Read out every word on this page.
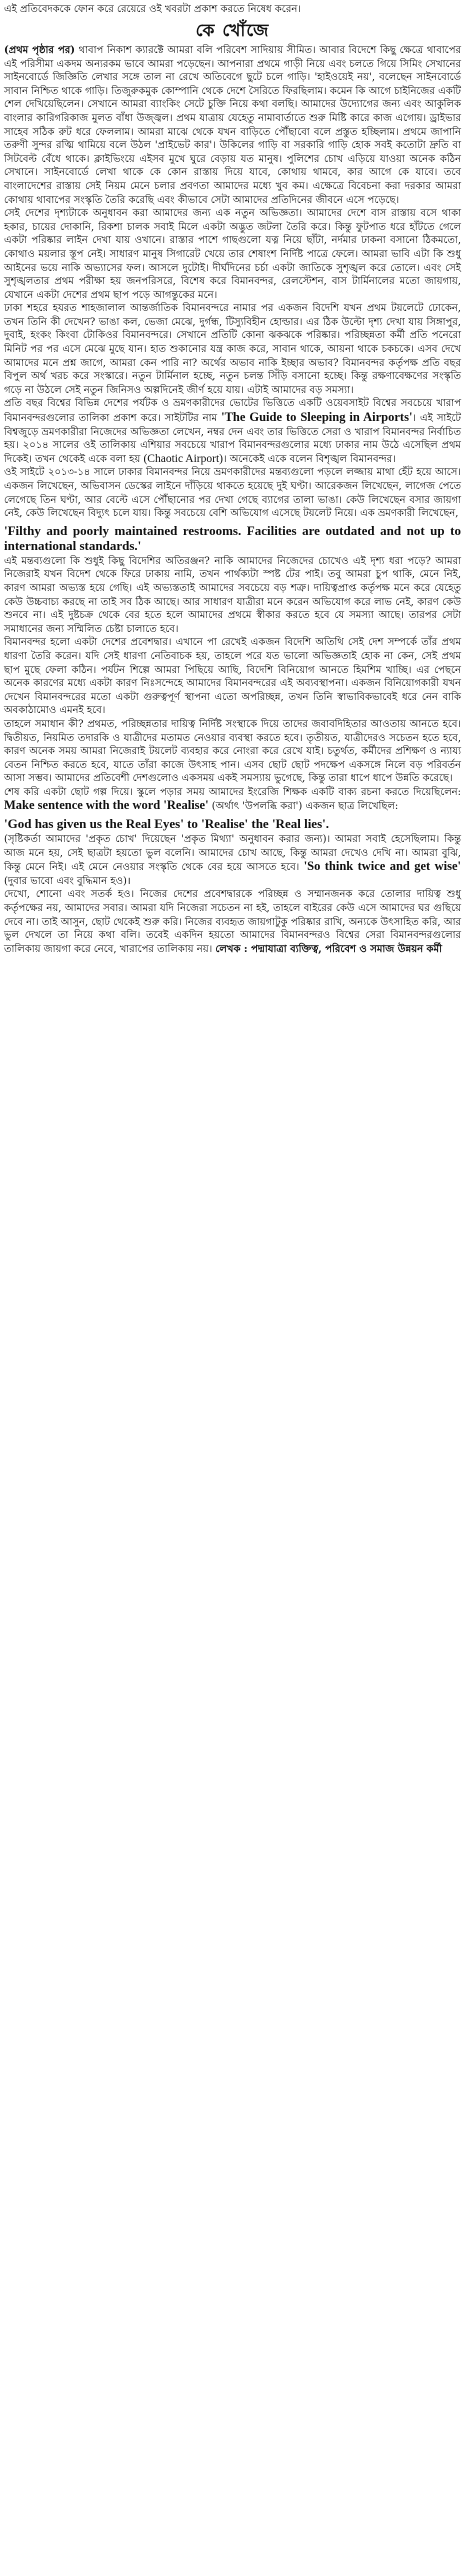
এই প্রতিবেদককে ফোন করে রেয়েরে ওই খবরটা প্রকাশ করতে নিষেধ করেন।

কে খোঁজে

(প্রথম পৃষ্ঠার পর) থাবাপ নিকাশ ক্যারক্টে আমরা বলি পরিবেশ সাদিয়ায় সীমিত। আবার বিদেশে কিছু ক্ষেত্রে থাবাপের এই পরিসীমা একদম অন্যরকম ভাবে আমরা পড়েছেন। আপনারা প্রথমে গাড়ী নিয়ে এবং চলতে গিয়ে সিমিং সেখানের সাইনবোর্ডে জিজ্ঞিতি লেখার সঙ্গে তাল না রেখে অতিবেগে ছুটে চলে গাড়ি। 'হাইওয়েই নয়', বলেছেন সাইনবোর্ডে সাবান নিশ্চিত থাকে গাড়ি। তিজুরুকমুক কোম্পানি থেকে দেশে সৈরিতে ফিরছিলাম। কমেন কি আগে চাইনিজের একটি শেল দেখিয়েছিলেন। সেখানে আমরা ব্যাংকিং সেটে চুক্তি নিয়ে কথা বলছি। আমাদের উদ্যোগের জন্য এবং আকুলিক বাংলার কারিগরিকাজ মুলত বাঁধা উজ্জ্বল। প্রথম যাত্রায় যেহেতু নামাবার্তাতে শুরু মিষ্টি কারে কাজ এগোয়। ড্রাইভার সাহেব সঠিক রুট ধরে ফেললাম। আমরা মাঝে থেকে যখন বাড়িতে পৌঁছাবো বলে প্রস্তুত হচ্ছিলাম। প্রথমে জাপানি তরুণী সুন্দর রত্মি থামিয়ে বলে উঠল 'প্রাইভেট কার'। উকিলের গাড়ি বা সরকারি গাড়ি হোক সবই কতোটা দ্রুতি বা সিটবেল্ট বেঁধে থাকে। ক্লাইভিংয়ে এইসব মুখে ঘুরে বেড়ায় যত মানুষ। পুলিশের চোখ এড়িয়ে যাওয়া অনেক কঠিন সেখানে। সাইনবোর্ডে লেখা থাকে কে কোন রাস্তায় দিয়ে যাবে, কোথায় থামবে, কার আগে কে যাবে। তবে বাংলাদেশের রাস্তায় সেই নিয়ম মেনে চলার প্রবণতা আমাদের মধ্যে খুব কম। এক্ষেত্রে বিবেচনা করা দরকার আমরা কোথায় থাবাপের সংস্কৃতি তৈরি করেছি এবং কীভাবে সেটা আমাদের প্রতিদিনের জীবনে এসে পড়েছে।

সেই দেশের দৃশ্যটাকে অনুধাবন করা আমাদের জন্য এক নতুন অভিজ্ঞতা। আমাদের দেশে বাস রাস্তায় বসে থাকা হকার, চায়ের দোকানি, রিকশা চালক সবাই মিলে একটা অদ্ভুত জটলা তৈরি করে। কিন্তু ফুটপাত ধরে হাঁটতে গেলে একটা পরিষ্কার লাইন দেখা যায় ওখানে। রাস্তার পাশে গাছগুলো যত্ন নিয়ে ছাঁটা, নর্দমার ঢাকনা বসানো ঠিকমতো, কোথাও ময়লার স্তূপ নেই। সাধারণ মানুষ সিগারেট খেয়ে তার শেষাংশ নির্দিষ্ট পাত্রে ফেলে। আমরা ভাবি এটা কি শুধু আইনের ভয়ে নাকি অভ্যাসের ফল। আসলে দুটোই। দীর্ঘদিনের চর্চা একটা জাতিকে সুশৃঙ্খল করে তোলে। এবং সেই সুশৃঙ্খলতার প্রথম পরীক্ষা হয় জনপরিসরে, বিশেষ করে বিমানবন্দর, রেলস্টেশন, বাস টার্মিনালের মতো জায়গায়, যেখানে একটা দেশের প্রথম ছাপ পড়ে আগন্তুকের মনে।

ঢাকা শহরে হযরত শাহজালাল আন্তর্জাতিক বিমানবন্দরে নামার পর একজন বিদেশি যখন প্রথম টয়লেটে ঢোকেন, তখন তিনি কী দেখেন? ভাঙা কল, ভেজা মেঝে, দুর্গন্ধ, টিস্যুবিহীন হোল্ডার। এর ঠিক উল্টো দৃশ্য দেখা যায় সিঙ্গাপুর, দুবাই, হংকং কিংবা টোকিওর বিমানবন্দরে। সেখানে প্রতিটি কোনা ঝকঝকে পরিষ্কার। পরিচ্ছন্নতা কর্মী প্রতি পনেরো মিনিট পর পর এসে মেঝে মুছে যান। হাত শুকানোর যন্ত্র কাজ করে, সাবান থাকে, আয়না থাকে চকচকে। এসব দেখে আমাদের মনে প্রশ্ন জাগে, আমরা কেন পারি না? অর্থের অভাব নাকি ইচ্ছার অভাব? বিমানবন্দর কর্তৃপক্ষ প্রতি বছর বিপুল অর্থ খরচ করে সংস্কারে। নতুন টার্মিনাল হচ্ছে, নতুন চলন্ত সিঁড়ি বসানো হচ্ছে। কিন্তু রক্ষণাবেক্ষণের সংস্কৃতি গড়ে না উঠলে সেই নতুন জিনিসও অল্পদিনেই জীর্ণ হয়ে যায়। এটাই আমাদের বড় সমস্যা।

প্রতি বছর বিশ্বের বিভিন্ন দেশের পর্যটক ও ভ্রমণকারীদের ভোটের ভিত্তিতে একটি ওয়েবসাইট বিশ্বের সবচেয়ে খারাপ বিমানবন্দরগুলোর তালিকা প্রকাশ করে। সাইটটির নাম 'The Guide to Sleeping in Airports'। এই সাইটে বিশ্বজুড়ে ভ্রমণকারীরা নিজেদের অভিজ্ঞতা লেখেন, নম্বর দেন এবং তার ভিত্তিতে সেরা ও খারাপ বিমানবন্দর নির্বাচিত হয়। ২০১৪ সালের ওই তালিকায় এশিয়ার সবচেয়ে খারাপ বিমানবন্দরগুলোর মধ্যে ঢাকার নাম উঠে এসেছিল প্রথম দিকেই। তখন থেকেই একে বলা হয় (Chaotic Airport)। অনেকেই একে বলেন বিশৃঙ্খল বিমানবন্দর।

ওই সাইটে ২০১৩-১৪ সালে ঢাকার বিমানবন্দর নিয়ে ভ্রমণকারীদের মন্তব্যগুলো পড়লে লজ্জায় মাথা হেঁট হয়ে আসে। একজন লিখেছেন, অভিবাসন ডেস্কের লাইনে দাঁড়িয়ে থাকতে হয়েছে দুই ঘণ্টা। আরেকজন লিখেছেন, লাগেজ পেতে লেগেছে তিন ঘণ্টা, আর বেল্টে এসে পৌঁছানোর পর দেখা গেছে ব্যাগের তালা ভাঙা। কেউ লিখেছেন বসার জায়গা নেই, কেউ লিখেছেন বিদ্যুৎ চলে যায়। কিন্তু সবচেয়ে বেশি অভিযোগ এসেছে টয়লেট নিয়ে। এক ভ্রমণকারী লিখেছেন,
'Filthy and poorly maintained restrooms. Facilities are outdated and not up to international standards.'

এই মন্তব্যগুলো কি শুধুই কিছু বিদেশির অতিরঞ্জন? নাকি আমাদের নিজেদের চোখেও এই দৃশ্য ধরা পড়ে? আমরা নিজেরাই যখন বিদেশ থেকে ফিরে ঢাকায় নামি, তখন পার্থক্যটা স্পষ্ট টের পাই। তবু আমরা চুপ থাকি, মেনে নিই, কারণ আমরা অভ্যস্ত হয়ে গেছি। এই অভ্যস্ততাই আমাদের সবচেয়ে বড় শত্রু। দায়িত্বপ্রাপ্ত কর্তৃপক্ষ মনে করে যেহেতু কেউ উচ্চবাচ্য করছে না তাই সব ঠিক আছে। আর সাধারণ যাত্রীরা মনে করেন অভিযোগ করে লাভ নেই, কারণ কেউ শুনবে না। এই দুষ্টচক্র থেকে বের হতে হলে আমাদের প্রথমে স্বীকার করতে হবে যে সমস্যা আছে। তারপর সেটা সমাধানের জন্য সম্মিলিত চেষ্টা চালাতে হবে।

বিমানবন্দর হলো একটা দেশের প্রবেশদ্বার। এখানে পা রেখেই একজন বিদেশি অতিথি সেই দেশ সম্পর্কে তাঁর প্রথম ধারণা তৈরি করেন। যদি সেই ধারণা নেতিবাচক হয়, তাহলে পরে যত ভালো অভিজ্ঞতাই হোক না কেন, সেই প্রথম ছাপ মুছে ফেলা কঠিন। পর্যটন শিল্পে আমরা পিছিয়ে আছি, বিদেশি বিনিয়োগ আনতে হিমশিম খাচ্ছি। এর পেছনে অনেক কারণের মধ্যে একটা কারণ নিঃসন্দেহে আমাদের বিমানবন্দরের এই অব্যবস্থাপনা। একজন বিনিয়োগকারী যখন দেখেন বিমানবন্দরের মতো একটা গুরুত্বপূর্ণ স্থাপনা এতো অপরিচ্ছন্ন, তখন তিনি স্বাভাবিকভাবেই ধরে নেন বাকি অবকাঠামোও এমনই হবে।

তাহলে সমাধান কী? প্রথমত, পরিচ্ছন্নতার দায়িত্ব নির্দিষ্ট সংস্থাকে দিয়ে তাদের জবাবদিহিতার আওতায় আনতে হবে। দ্বিতীয়ত, নিয়মিত তদারকি ও যাত্রীদের মতামত নেওয়ার ব্যবস্থা করতে হবে। তৃতীয়ত, যাত্রীদেরও সচেতন হতে হবে, কারণ অনেক সময় আমরা নিজেরাই টয়লেট ব্যবহার করে নোংরা করে রেখে যাই। চতুর্থত, কর্মীদের প্রশিক্ষণ ও ন্যায্য বেতন নিশ্চিত করতে হবে, যাতে তাঁরা কাজে উৎসাহ পান। এসব ছোট ছোট পদক্ষেপ একসঙ্গে নিলে বড় পরিবর্তন আসা সম্ভব। আমাদের প্রতিবেশী দেশগুলোও একসময় একই সমস্যায় ভুগেছে, কিন্তু তারা ধাপে ধাপে উন্নতি করেছে।

শেষ করি একটা ছোট গল্প দিয়ে। স্কুলে পড়ার সময় আমাদের ইংরেজি শিক্ষক একটি বাক্য রচনা করতে দিয়েছিলেন: Make sentence with the word 'Realise' (অর্থাৎ 'উপলব্ধি করা') একজন ছাত্র লিখেছিল:
'God has given us the Real Eyes' to 'Realise' the 'Real lies'.
(সৃষ্টিকর্তা আমাদের 'প্রকৃত চোখ' দিয়েছেন 'প্রকৃত মিথ্যা' অনুধাবন করার জন্য)। আমরা সবাই হেসেছিলাম। কিন্তু আজ মনে হয়, সেই ছাত্রটা হয়তো ভুল বলেনি। আমাদের চোখ আছে, কিন্তু আমরা দেখেও দেখি না। আমরা বুঝি, কিন্তু মেনে নিই। এই মেনে নেওয়ার সংস্কৃতি থেকে বের হয়ে আসতে হবে। 'So think twice and get wise' (দুবার ভাবো এবং বুদ্ধিমান হও)।

দেখো, শোনো এবং সতর্ক হও। নিজের দেশের প্রবেশদ্বারকে পরিচ্ছন্ন ও সম্মানজনক করে তোলার দায়িত্ব শুধু কর্তৃপক্ষের নয়, আমাদের সবার। আমরা যদি নিজেরা সচেতন না হই, তাহলে বাইরের কেউ এসে আমাদের ঘর গুছিয়ে দেবে না। তাই আসুন, ছোট থেকেই শুরু করি। নিজের ব্যবহৃত জায়গাটুকু পরিষ্কার রাখি, অন্যকে উৎসাহিত করি, আর ভুল দেখলে তা নিয়ে কথা বলি। তবেই একদিন হয়তো আমাদের বিমানবন্দরও বিশ্বের সেরা বিমানবন্দরগুলোর তালিকায় জায়গা করে নেবে, খারাপের তালিকায় নয়। লেখক : পদ্মাযাত্রা ব্যক্তিত্ব, পরিবেশ ও সমাজ উন্নয়ন কর্মী
